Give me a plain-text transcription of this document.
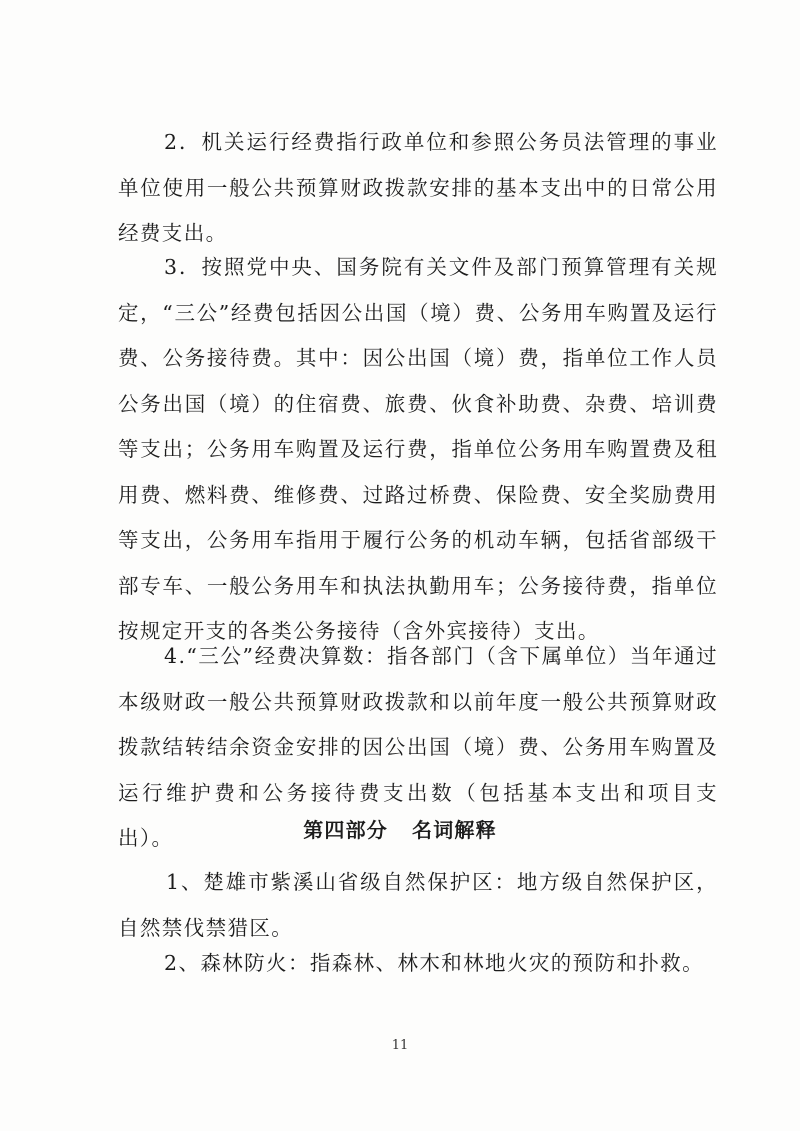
2．机关运行经费指行政单位和参照公务员法管理的事业单位使用一般公共预算财政拨款安排的基本支出中的日常公用经费支出。

3．按照党中央、国务院有关文件及部门预算管理有关规定，“三公”经费包括因公出国（境）费、公务用车购置及运行费、公务接待费。其中：因公出国（境）费，指单位工作人员公务出国（境）的住宿费、旅费、伙食补助费、杂费、培训费等支出；公务用车购置及运行费，指单位公务用车购置费及租用费、燃料费、维修费、过路过桥费、保险费、安全奖励费用等支出，公务用车指用于履行公务的机动车辆，包括省部级干部专车、一般公务用车和执法执勤用车；公务接待费，指单位按规定开支的各类公务接待（含外宾接待）支出。

4.“三公”经费决算数：指各部门（含下属单位）当年通过本级财政一般公共预算财政拨款和以前年度一般公共预算财政拨款结转结余资金安排的因公出国（境）费、公务用车购置及运行维护费和公务接待费支出数（包括基本支出和项目支出）。	第四部分 名词解释

1、楚雄市紫溪山省级自然保护区：地方级自然保护区，自然禁伐禁猎区。

2、森林防火：指森林、林木和林地火灾的预防和扑救。

11
